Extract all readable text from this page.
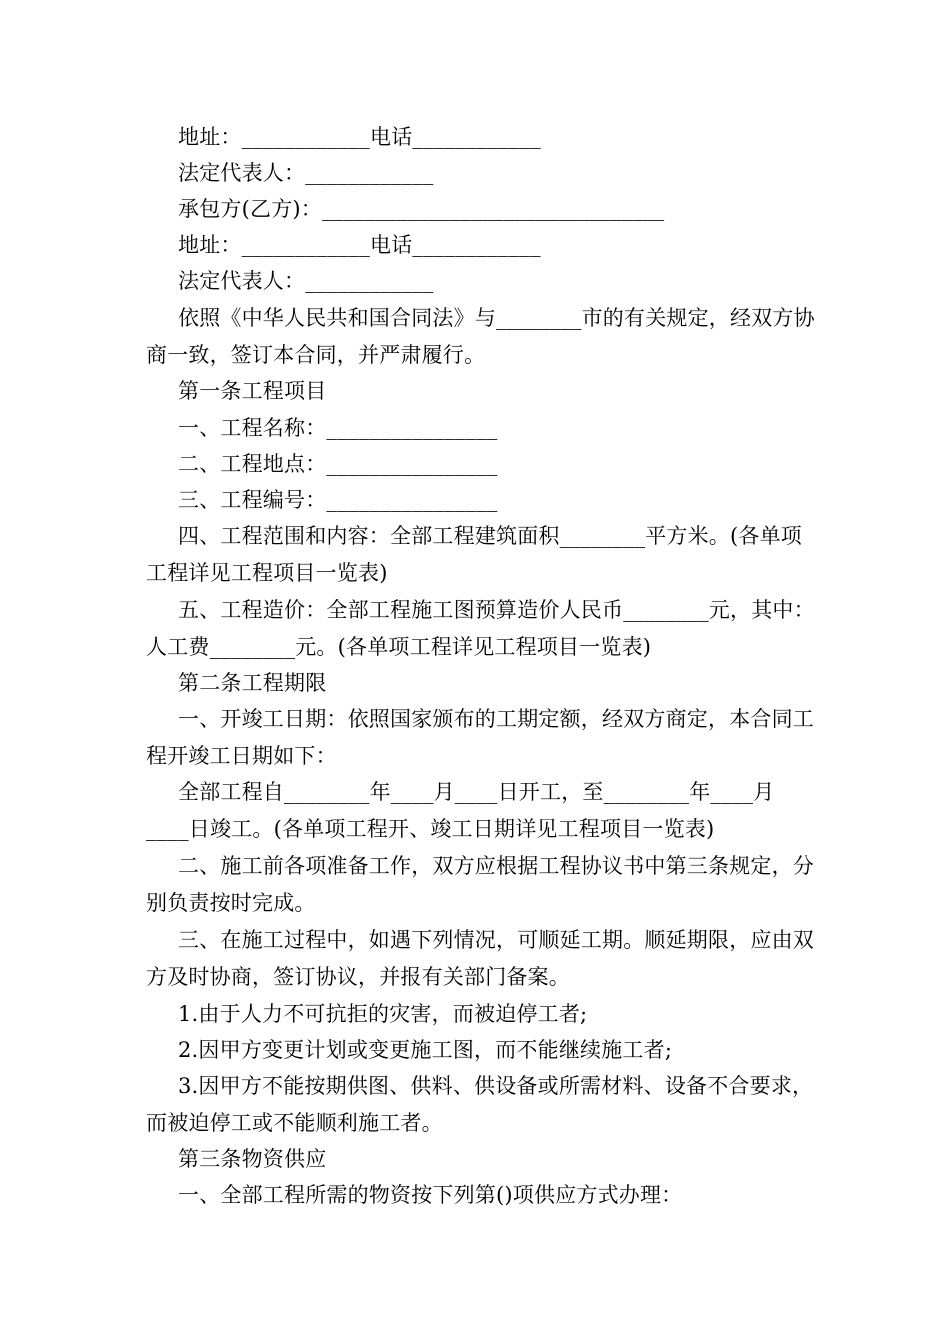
地址：____________电话____________

法定代表人：____________

承包方(乙方)：________________________________

地址：____________电话____________

法定代表人：____________

依照《中华人民共和国合同法》与________市的有关规定，经双方协商一致，签订本合同，并严肃履行。

第一条工程项目

一、工程名称：________________

二、工程地点：________________

三、工程编号：________________

四、工程范围和内容：全部工程建筑面积________平方米。(各单项工程详见工程项目一览表)

五、工程造价：全部工程施工图预算造价人民币________元，其中：人工费________元。(各单项工程详见工程项目一览表)

第二条工程期限

一、开竣工日期：依照国家颁布的工期定额，经双方商定，本合同工程开竣工日期如下：

全部工程自________年____月____日开工，至________年____月____日竣工。(各单项工程开、竣工日期详见工程项目一览表)

二、施工前各项准备工作，双方应根据工程协议书中第三条规定，分别负责按时完成。

三、在施工过程中，如遇下列情况，可顺延工期。顺延期限，应由双方及时协商，签订协议，并报有关部门备案。

1.由于人力不可抗拒的灾害，而被迫停工者;

2.因甲方变更计划或变更施工图，而不能继续施工者;

3.因甲方不能按期供图、供料、供设备或所需材料、设备不合要求，而被迫停工或不能顺利施工者。

第三条物资供应

一、全部工程所需的物资按下列第()项供应方式办理：
